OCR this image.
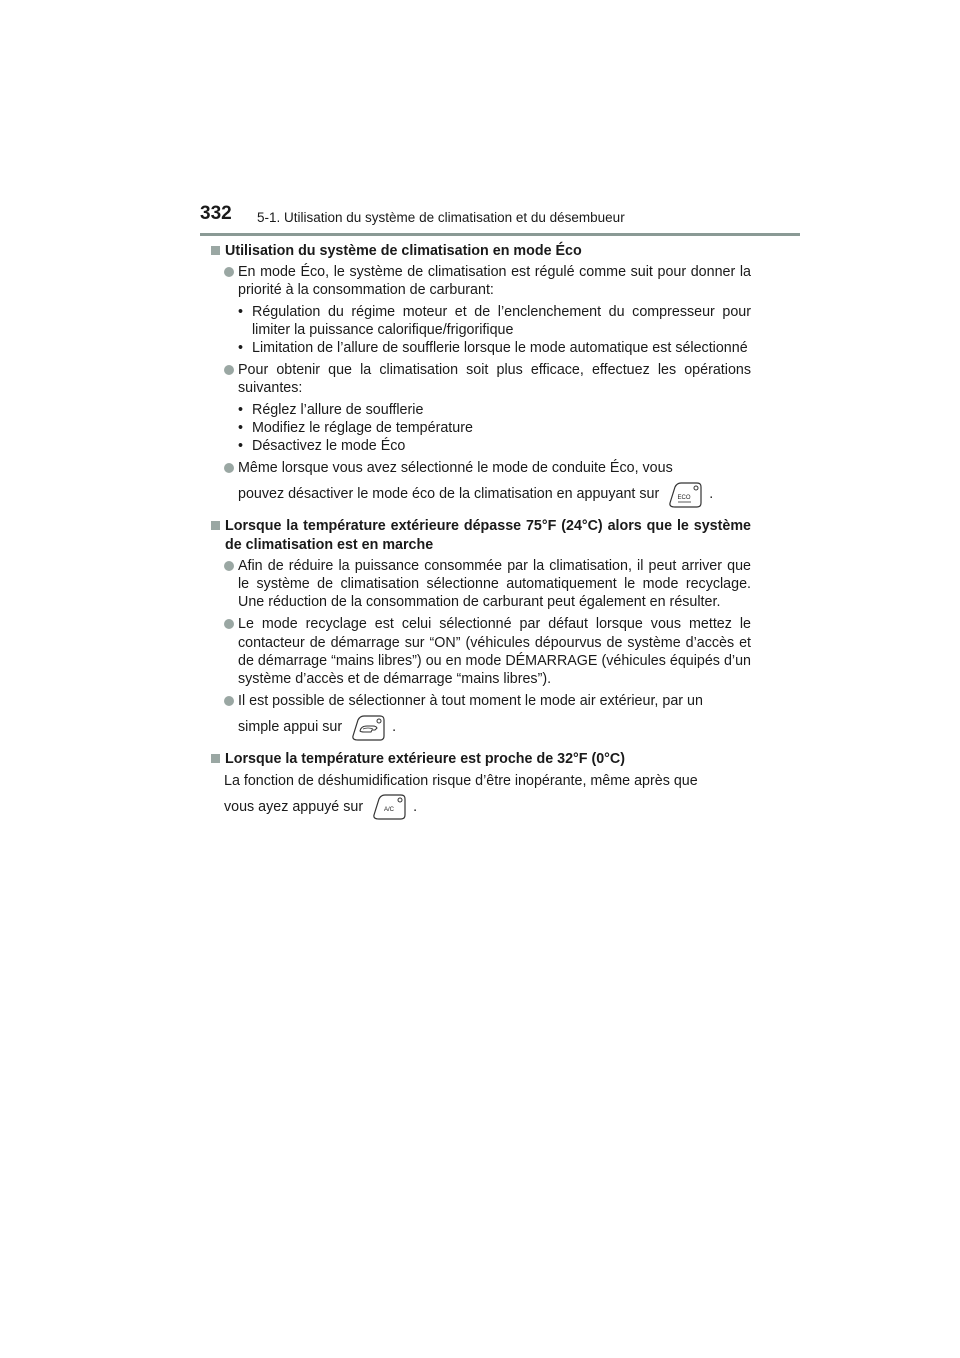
332 5-1. Utilisation du système de climatisation et du désembueur
Utilisation du système de climatisation en mode Éco

En mode Éco, le système de climatisation est régulé comme suit pour donner la priorité à la consommation de carburant:

• Régulation du régime moteur et de l’enclenchement du compresseur pour limiter la puissance calorifique/frigorifique
• Limitation de l’allure de soufflerie lorsque le mode automatique est sélectionné

Pour obtenir que la climatisation soit plus efficace, effectuez les opérations suivantes:

• Réglez l’allure de soufflerie
• Modifiez le réglage de température
• Désactivez le mode Éco

Même lorsque vous avez sélectionné le mode de conduite Éco, vous

pouvez désactiver le mode éco de la climatisation en appuyant sur	ECO .

Lorsque la température extérieure dépasse 75°F (24°C) alors que le système de climatisation est en marche

Afin de réduire la puissance consommée par la climatisation, il peut arriver que le système de climatisation sélectionne automatiquement le mode recyclage. Une réduction de la consommation de carburant peut également en résulter.

Le mode recyclage est celui sélectionné par défaut lorsque vous mettez le contacteur de démarrage sur “ON” (véhicules dépourvus de système d’accès et de démarrage “mains libres”) ou en mode DÉMARRAGE (véhicules équipés d’un système d’accès et de démarrage “mains libres”).

Il est possible de sélectionner à tout moment le mode air extérieur, par un

simple appui sur	.

Lorsque la température extérieure est proche de 32°F (0°C)

La fonction de déshumidification risque d’être inopérante, même après que

vous ayez appuyé sur	A/C .
